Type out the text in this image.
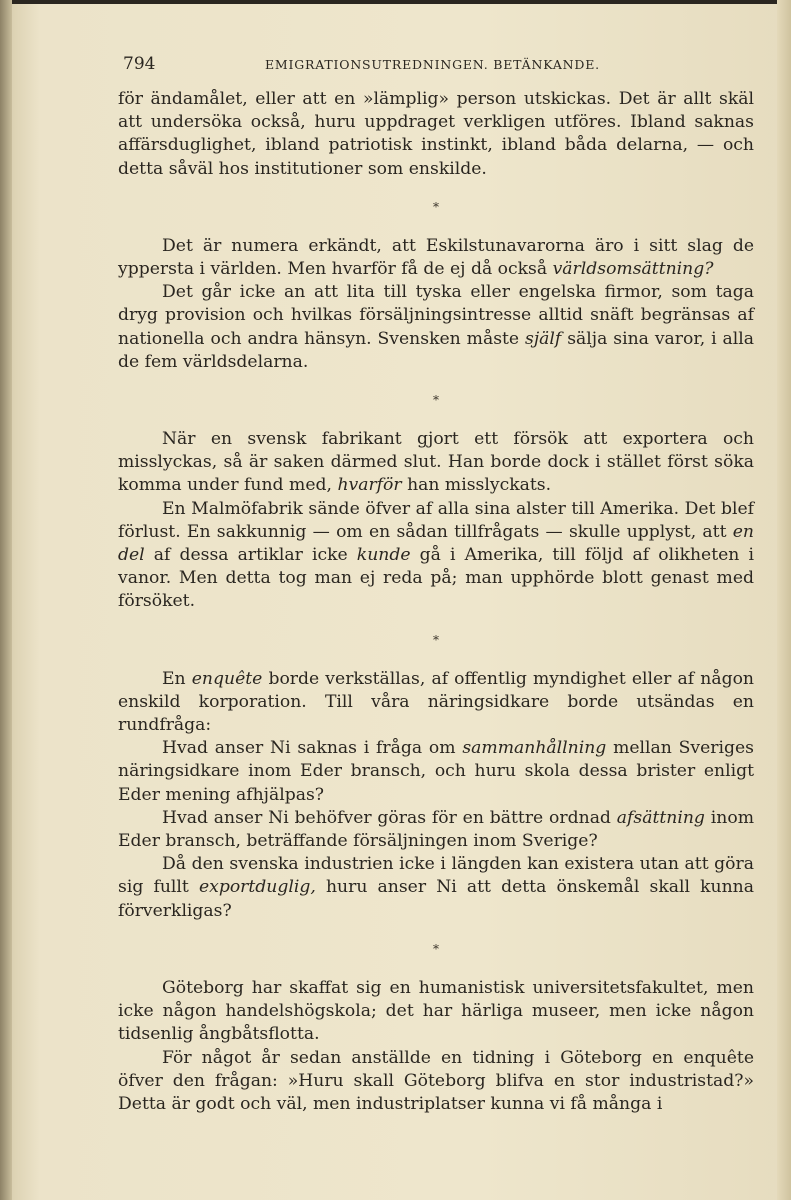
794	EMIGRATIONSUTREDNINGEN. BETÄNKANDE.

för ändamålet, eller att en »lämplig» person utskickas. Det är allt skäl att undersöka också, huru uppdraget verkligen utföres. Ibland saknas affärsduglighet, ibland patriotisk instinkt, ibland båda delarna, — och detta såväl hos institutioner som enskilde.

*

Det är numera erkändt, att Eskilstunavarorna äro i sitt slag de yppersta i världen. Men hvarför få de ej då också världsomsättning?

Det går icke an att lita till tyska eller engelska firmor, som taga dryg provision och hvilkas försäljningsintresse alltid snäft begränsas af nationella och andra hänsyn. Svensken måste själf sälja sina varor, i alla de fem världsdelarna.

*

När en svensk fabrikant gjort ett försök att exportera och misslyckas, så är saken därmed slut. Han borde dock i stället först söka komma under fund med, hvarför han misslyckats.

En Malmöfabrik sände öfver af alla sina alster till Amerika. Det blef förlust. En sakkunnig — om en sådan tillfrågats — skulle upplyst, att en del af dessa artiklar icke kunde gå i Amerika, till följd af olikheten i vanor. Men detta tog man ej reda på; man upphörde blott genast med försöket.

*

En enquête borde verkställas, af offentlig myndighet eller af någon enskild korporation. Till våra näringsidkare borde utsändas en rundfråga:

Hvad anser Ni saknas i fråga om sammanhållning mellan Sveriges näringsidkare inom Eder bransch, och huru skola dessa brister enligt Eder mening afhjälpas?

Hvad anser Ni behöfver göras för en bättre ordnad afsättning inom Eder bransch, beträffande försäljningen inom Sverige?

Då den svenska industrien icke i längden kan existera utan att göra sig fullt exportduglig, huru anser Ni att detta önskemål skall kunna förverkligas?

*

Göteborg har skaffat sig en humanistisk universitetsfakultet, men icke någon handelshögskola; det har härliga museer, men icke någon tidsenlig ångbåtsflotta.

För något år sedan anställde en tidning i Göteborg en enquête öfver den frågan: »Huru skall Göteborg blifva en stor industristad?» Detta är godt och väl, men industriplatser kunna vi få många i
